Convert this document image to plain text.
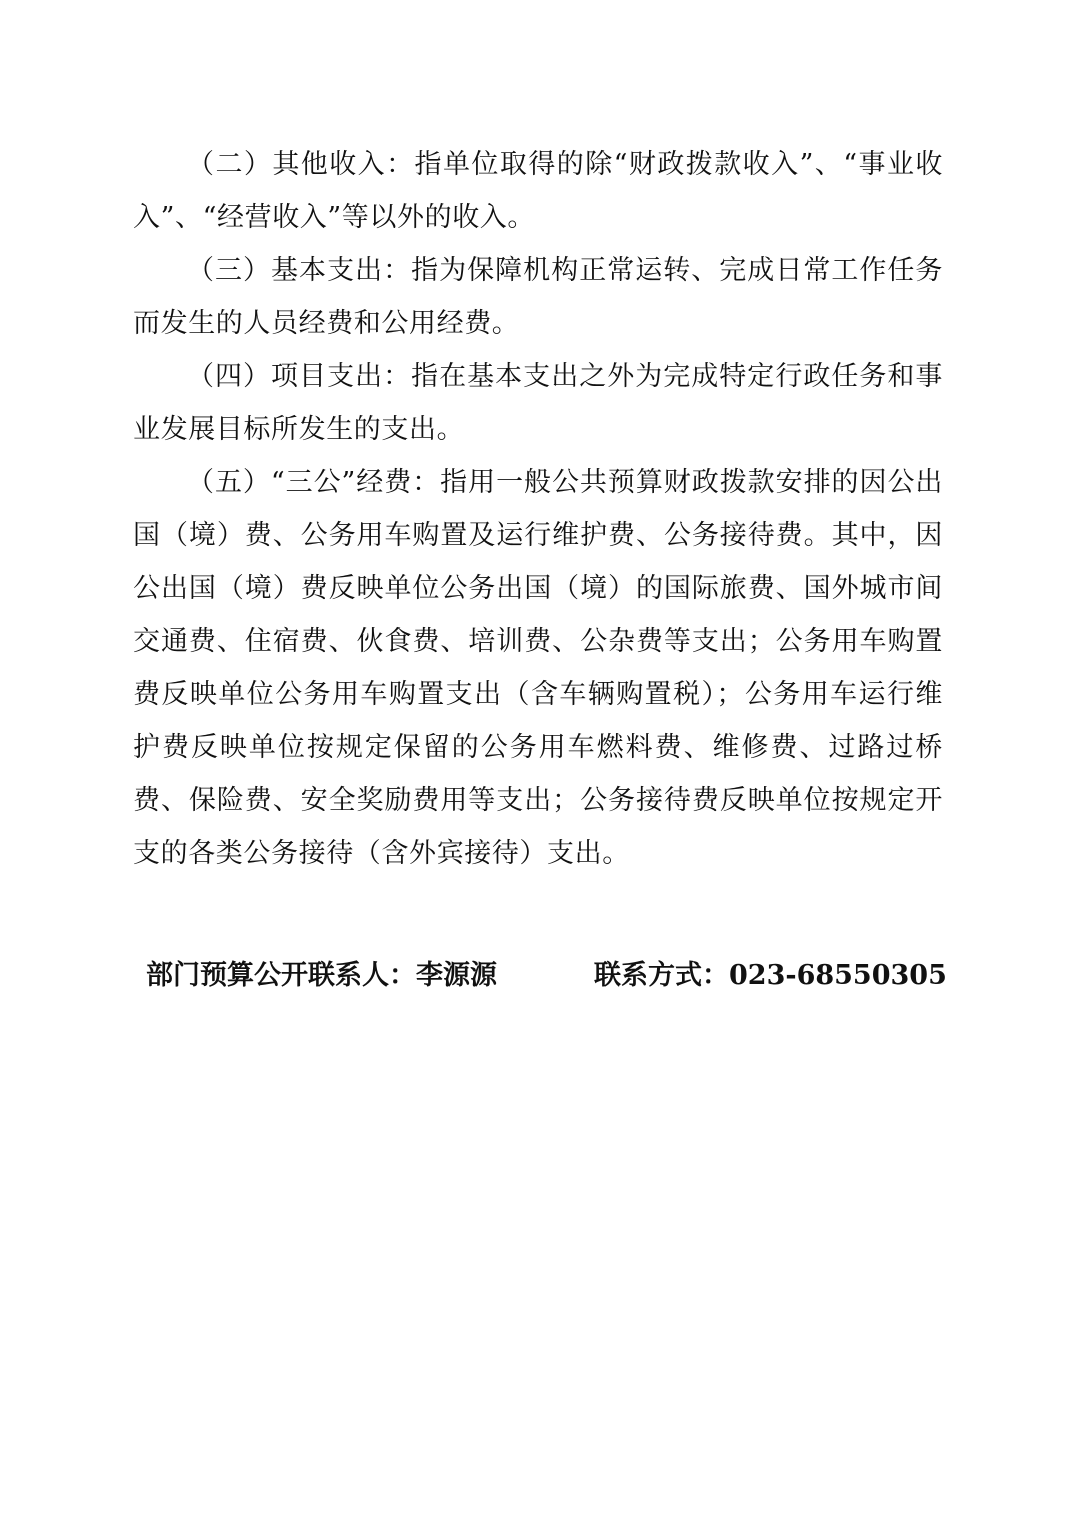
（二）其他收入：指单位取得的除“财政拨款收入”、“事业收入”、“经营收入”等以外的收入。

（三）基本支出：指为保障机构正常运转、完成日常工作任务而发生的人员经费和公用经费。

（四）项目支出：指在基本支出之外为完成特定行政任务和事业发展目标所发生的支出。

（五）“三公”经费：指用一般公共预算财政拨款安排的因公出国（境）费、公务用车购置及运行维护费、公务接待费。其中，因公出国（境）费反映单位公务出国（境）的国际旅费、国外城市间交通费、住宿费、伙食费、培训费、公杂费等支出；公务用车购置费反映单位公务用车购置支出（含车辆购置税）；公务用车运行维护费反映单位按规定保留的公务用车燃料费、维修费、过路过桥费、保险费、安全奖励费用等支出；公务接待费反映单位按规定开支的各类公务接待（含外宾接待）支出。

部门预算公开联系人：李源源	联系方式：023-68550305
